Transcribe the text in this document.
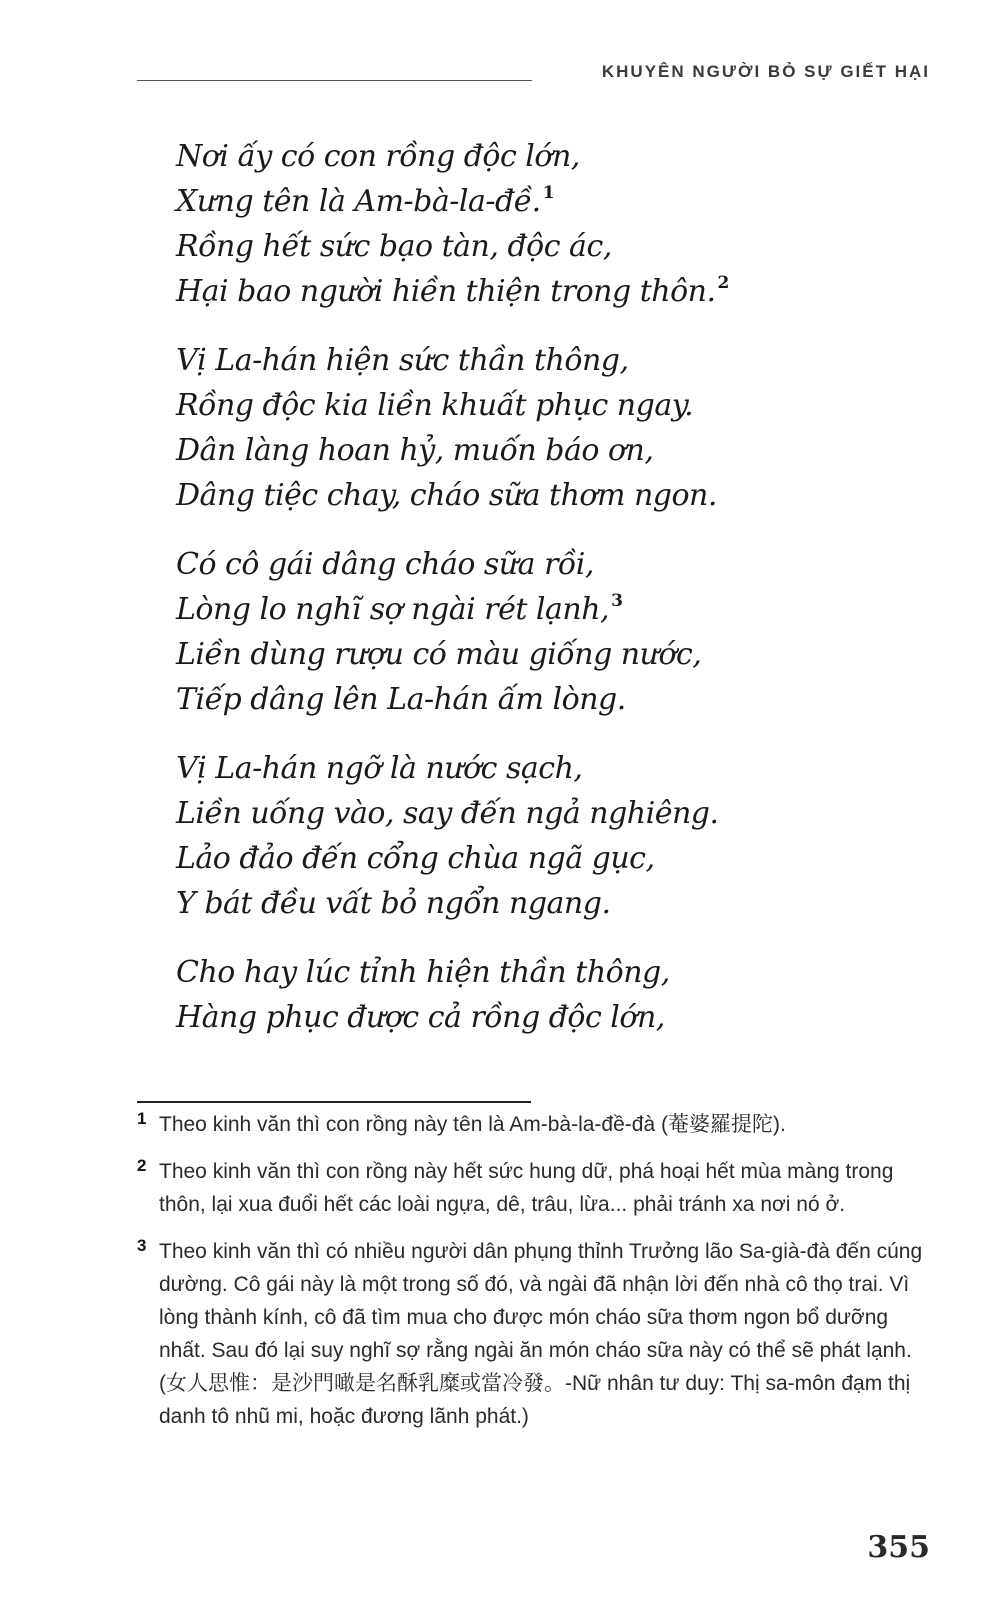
KHUYÊN NGƯỜI BỎ SỰ GIẾT HẠI
Nơi ấy có con rồng độc lớn,
Xưng tên là Am-bà-la-đề. $^1$
Rồng hết sức bạo tàn, độc ác,
Hại bao người hiền thiện trong thôn. $^2$
Vị La-hán hiện sức thần thông,
Rồng độc kia liền khuất phục ngay.
Dân làng hoan hỷ, muốn báo ơn,
Dâng tiệc chay, cháo sữa thơm ngon.
Có cô gái dâng cháo sữa rồi,
Lòng lo nghĩ sợ ngài rét lạnh, $^3$
Liền dùng rượu có màu giống nước,
Tiếp dâng lên La-hán ấm lòng.
Vị La-hán ngỡ là nước sạch,
Liền uống vào, say đến ngả nghiêng.
Lảo đảo đến cổng chùa ngã gục,
Y bát đều vất bỏ ngổn ngang.
Cho hay lúc tỉnh hiện thần thông,
Hàng phục được cả rồng độc lớn,
1 Theo kinh văn thì con rồng này tên là Am-bà-la-đề-đà (菴婆羅提陀).
2 Theo kinh văn thì con rồng này hết sức hung dữ, phá hoại hết mùa màng trong thôn, lại xua đuổi hết các loài ngựa, dê, trâu, lừa... phải tránh xa nơi nó ở.
3 Theo kinh văn thì có nhiều người dân phụng thỉnh Trưởng lão Sa-già-đà đến cúng dường. Cô gái này là một trong số đó, và ngài đã nhận lời đến nhà cô thọ trai. Vì lòng thành kính, cô đã tìm mua cho được món cháo sữa thơm ngon bổ dưỡng nhất. Sau đó lại suy nghĩ sợ rằng ngài ăn món cháo sữa này có thể sẽ phát lạnh. (女人思惟：是沙門噉是名酥乳糜或當冷發。-Nữ nhân tư duy: Thị sa-môn đạm thị danh tô nhũ mi, hoặc đương lãnh phát.)
355
